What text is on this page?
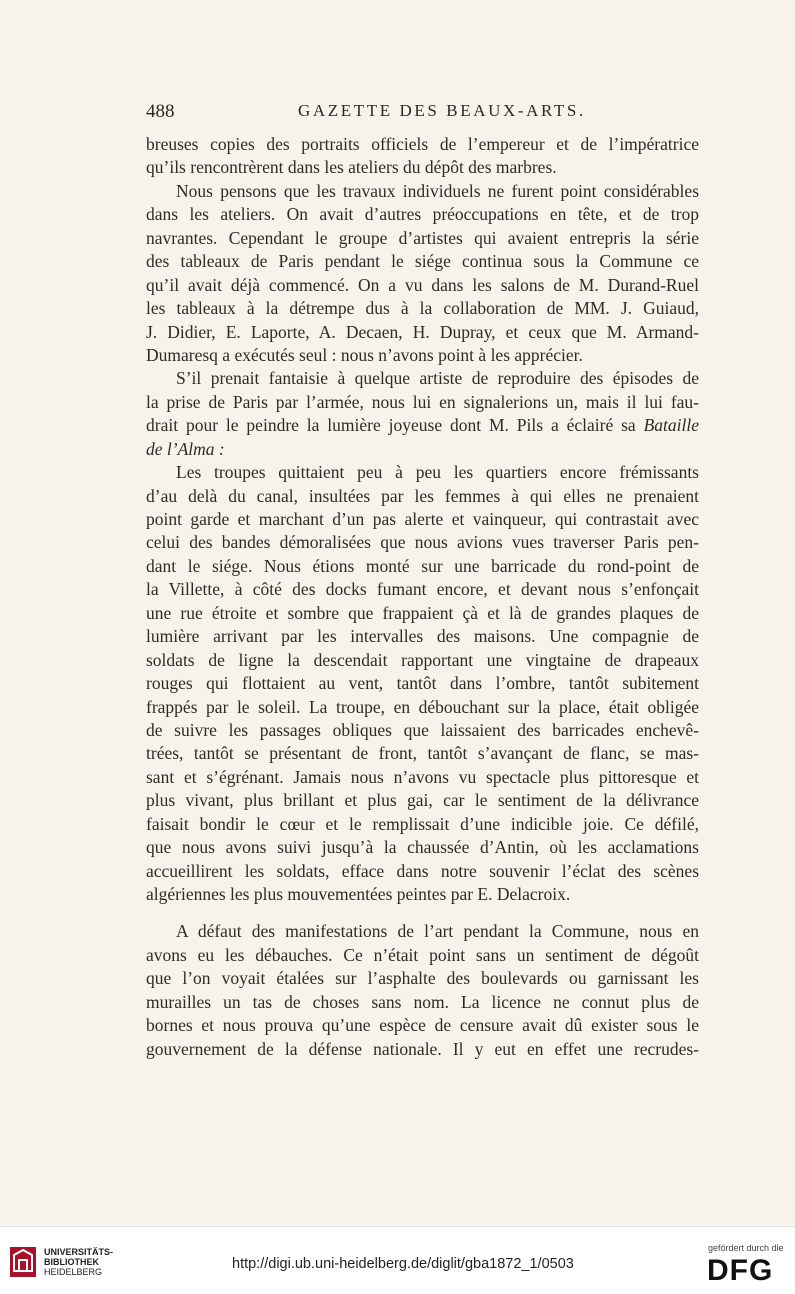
488	GAZETTE DES BEAUX-ARTS.
breuses copies des portraits officiels de l’empereur et de l’impératrice
qu’ils rencontrèrent dans les ateliers du dépôt des marbres.
Nous pensons que les travaux individuels ne furent point considérables
dans les ateliers. On avait d’autres préoccupations en tête, et de trop
navrantes. Cependant le groupe d’artistes qui avaient entrepris la série
des tableaux de Paris pendant le siége continua sous la Commune ce
qu’il avait déjà commencé. On a vu dans les salons de M. Durand-Ruel
les tableaux à la détrempe dus à la collaboration de MM. J. Guiaud,
J. Didier, E. Laporte, A. Decaen, H. Dupray, et ceux que M. Armand-
Dumaresq a exécutés seul : nous n’avons point à les apprécier.
S’il prenait fantaisie à quelque artiste de reproduire des épisodes de
la prise de Paris par l’armée, nous lui en signalerions un, mais il lui fau-
drait pour le peindre la lumière joyeuse dont M. Pils a éclairé sa Bataille
de l’Alma :
Les troupes quittaient peu à peu les quartiers encore frémissants
d’au delà du canal, insultées par les femmes à qui elles ne prenaient
point garde et marchant d’un pas alerte et vainqueur, qui contrastait avec
celui des bandes démoralisées que nous avions vues traverser Paris pen-
dant le siége. Nous étions monté sur une barricade du rond-point de
la Villette, à côté des docks fumant encore, et devant nous s’enfonçait
une rue étroite et sombre que frappaient çà et là de grandes plaques de
lumière arrivant par les intervalles des maisons. Une compagnie de
soldats de ligne la descendait rapportant une vingtaine de drapeaux
rouges qui flottaient au vent, tantôt dans l’ombre, tantôt subitement
frappés par le soleil. La troupe, en débouchant sur la place, était obligée
de suivre les passages obliques que laissaient des barricades enchevê-
trées, tantôt se présentant de front, tantôt s’avançant de flanc, se mas-
sant et s’égrénant. Jamais nous n’avons vu spectacle plus pittoresque et
plus vivant, plus brillant et plus gai, car le sentiment de la délivrance
faisait bondir le cœur et le remplissait d’une indicible joie. Ce défilé,
que nous avons suivi jusqu’à la chaussée d’Antin, où les acclamations
accueillirent les soldats, efface dans notre souvenir l’éclat des scènes
algériennes les plus mouvementées peintes par E. Delacroix.
A défaut des manifestations de l’art pendant la Commune, nous en
avons eu les débauches. Ce n’était point sans un sentiment de dégoût
que l’on voyait étalées sur l’asphalte des boulevards ou garnissant les
murailles un tas de choses sans nom. La licence ne connut plus de
bornes et nous prouva qu’une espèce de censure avait dû exister sous le
gouvernement de la défense nationale. Il y eut en effet une recrudes-
UNIVERSITÄTS-
BIBLIOTHEK
HEIDELBERG	http://digi.ub.uni-heidelberg.de/diglit/gba1872_1/0503
gefördert durch die
DFG
